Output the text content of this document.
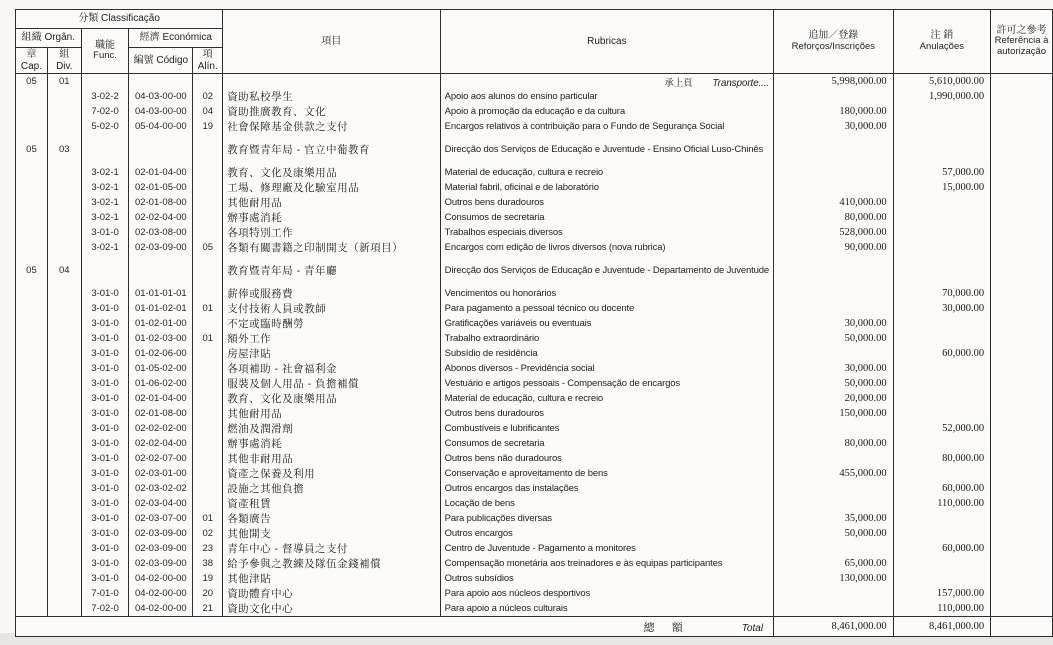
分類 Classificação					項目	Rubricas	追加／登錄
Reforços/Inscrições	注 銷
Anulações	許可之參考
Referência à autorização

組織 Orgân.		職能
Func.	經濟 Económica						
章 Cap.	組 Div.		編號 Código	項Alín.					
05	01					承上頁 Transporte....	5,998,000.00	5,610,000.00	
		3-02-2	04-03-00-00	02	資助私校學生	Apoio aos alunos do ensino particular		1,990,000.00	
		7-02-0	04-03-00-00	04	資助推廣教育、文化	Apoio à promoção da educação e da cultura	180,000.00		
		5-02-0	05-04-00-00	19	社會保障基金供款之支付	Encargos relativos à contribuição para o Fundo de Segurança Social	30,000.00		

05	03				教育暨青年局 - 官立中葡教育	Direcção dos Serviços de Educação e Juventude - Ensino Oficial Luso-Chinês			

		3-02-1	02-01-04-00		教育、文化及康樂用品	Material de educação, cultura e recreio		57,000.00	
		3-02-1	02-01-05-00		工場、修理廠及化驗室用品	Material fabril, oficinal e de laboratório		15,000.00	
		3-02-1	02-01-08-00		其他耐用品	Outros bens duradouros	410,000.00		
		3-02-1	02-02-04-00		辦事處消耗	Consumos de secretaria	80,000.00		
		3-01-0	02-03-08-00		各項特別工作	Trabalhos especiais diversos	528,000.00		
		3-02-1	02-03-09-00	05	各類有關書籍之印制開支（新項目）	Encargos com edição de livros diversos (nova rubrica)	90,000.00		

05	04				教育暨青年局 - 青年廳	Direcção dos Serviços de Educação e Juventude - Departamento de Juventude			

		3-01-0	01-01-01-01		薪俸或服務費	Vencimentos ou honorários		70,000.00	
		3-01-0	01-01-02-01	01	支付技術人員或教師	Para pagamento a pessoal técnico ou docente		30,000.00	
		3-01-0	01-02-01-00		不定或臨時酬勞	Gratificações variáveis ou eventuais	30,000.00		
		3-01-0	01-02-03-00	01	額外工作	Trabalho extraordinário	50,000.00		
		3-01-0	01-02-06-00		房屋津貼	Subsídio de residência		60,000.00	
		3-01-0	01-05-02-00		各項補助 - 社會福利金	Abonos diversos - Previdência social	30,000.00		
		3-01-0	01-06-02-00		服裝及個人用品 - 負擔補償	Vestuário e artigos pessoais - Compensação de encargos	50,000.00		
		3-01-0	02-01-04-00		教育、文化及康樂用品	Material de educação, cultura e recreio	20,000.00		
		3-01-0	02-01-08-00		其他耐用品	Outros bens duradouros	150,000.00		
		3-01-0	02-02-02-00		燃油及潤滑劑	Combustíveis e lubrificantes		52,000.00	
		3-01-0	02-02-04-00		辦事處消耗	Consumos de secretaria	80,000.00		
		3-01-0	02-02-07-00		其他非耐用品	Outros bens não duradouros		80,000.00	
		3-01-0	02-03-01-00		資產之保養及利用	Conservação e aproveitamento de bens	455,000.00		
		3-01-0	02-03-02-02		設施之其他負擔	Outros encargos das instalações		60,000.00	
		3-01-0	02-03-04-00		資產租賃	Locação de bens		110,000.00	
		3-01-0	02-03-07-00	01	各類廣告	Para publicações diversas	35,000.00		
		3-01-0	02-03-09-00	02	其他開支	Outros encargos	50,000.00		
		3-01-0	02-03-09-00	23	青年中心 - 督導員之支付	Centro de Juventude - Pagamento a monitores		60,000.00	
		3-01-0	02-03-09-00	38	給予參與之教練及隊伍金錢補償	Compensação monetária aos treinadores e às equipas participantes	65,000.00		
		3-01-0	04-02-00-00	19	其他津貼	Outros subsídios	130,000.00		
		7-01-0	04-02-00-00	20	資助體育中心	Para apoio aos núcleos desportivos		157,000.00	
		7-02-0	04-02-00-00	21	資助文化中心	Para apoio a núcleos culturais		110,000.00	
總 額 Total							8,461,000.00	8,461,000.00	
